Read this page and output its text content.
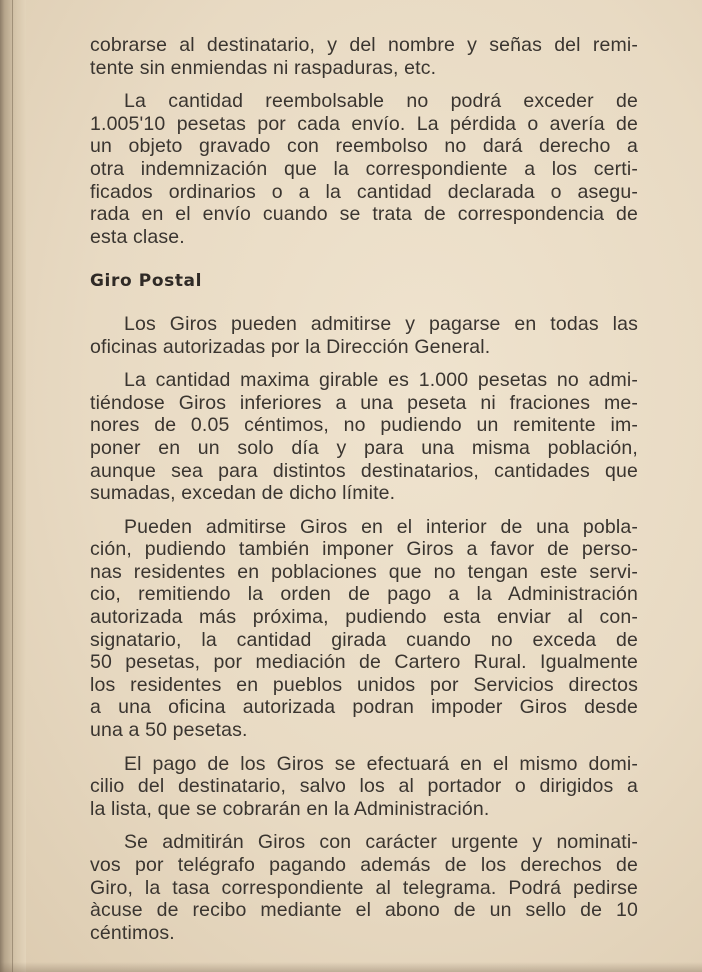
cobrarse al destinatario, y del nombre y señas del remi-
tente sin enmiendas ni raspaduras, etc.
La cantidad reembolsable no podrá exceder de
1.005'10 pesetas por cada envío. La pérdida o avería de
un objeto gravado con reembolso no dará derecho a
otra indemnización que la correspondiente a los certi-
ficados ordinarios o a la cantidad declarada o asegu-
rada en el envío cuando se trata de correspondencia de
esta clase.
Giro Postal
Los Giros pueden admitirse y pagarse en todas las
oficinas autorizadas por la Dirección General.
La cantidad maxima girable es 1.000 pesetas no admi-
tiéndose Giros inferiores a una peseta ni fraciones me-
nores de 0.05 céntimos, no pudiendo un remitente im-
poner en un solo día y para una misma población,
aunque sea para distintos destinatarios, cantidades que
sumadas, excedan de dicho límite.
Pueden admitirse Giros en el interior de una pobla-
ción, pudiendo también imponer Giros a favor de perso-
nas residentes en poblaciones que no tengan este servi-
cio, remitiendo la orden de pago a la Administración
autorizada más próxima, pudiendo esta enviar al con-
signatario, la cantidad girada cuando no exceda de
50 pesetas, por mediación de Cartero Rural. Igualmente
los residentes en pueblos unidos por Servicios directos
a una oficina autorizada podran impoder Giros desde
una a 50 pesetas.
El pago de los Giros se efectuará en el mismo domi-
cilio del destinatario, salvo los al portador o dirigidos a
la lista, que se cobrarán en la Administración.
Se admitirán Giros con carácter urgente y nominati-
vos por telégrafo pagando además de los derechos de
Giro, la tasa correspondiente al telegrama. Podrá pedirse
àcuse de recibo mediante el abono de un sello de 10
céntimos.
